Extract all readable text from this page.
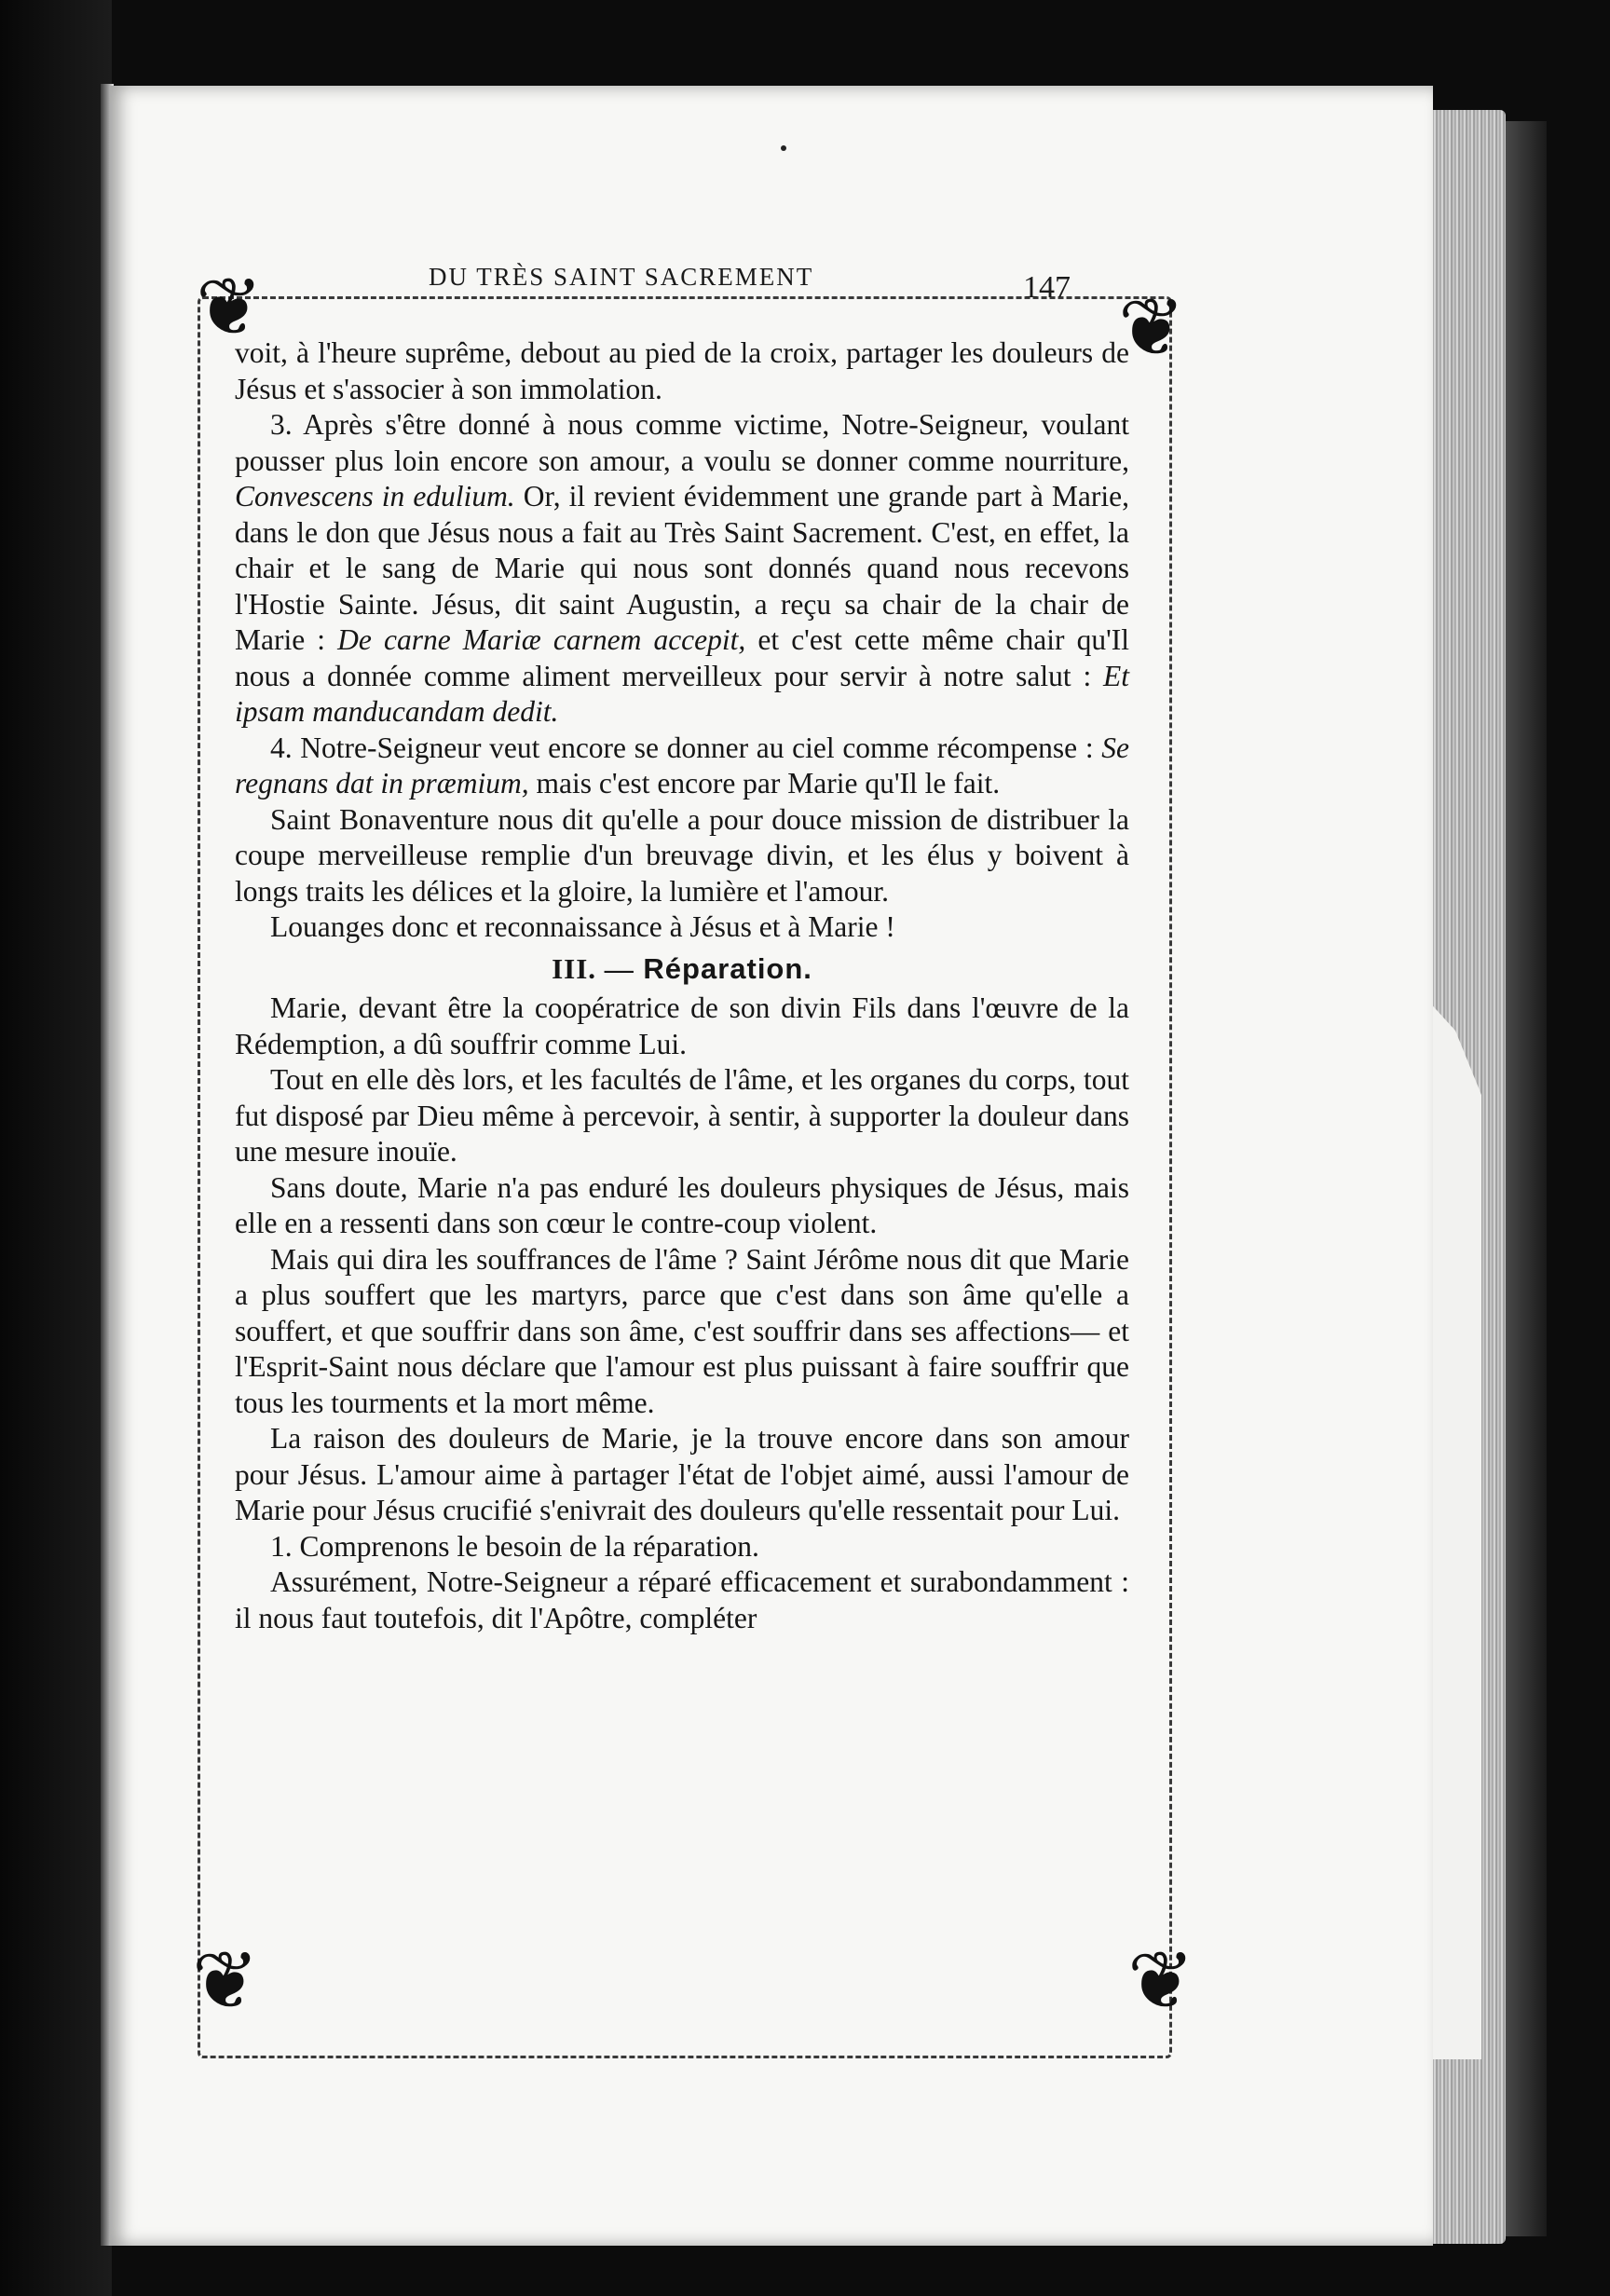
❦	❦
❦	❦
DU TRÈS SAINT SACREMENT	147

voit, à l'heure suprême, debout au pied de la croix, partager les douleurs de Jésus et s'associer à son immolation.

3. Après s'être donné à nous comme victime, Notre-Seigneur, voulant pousser plus loin encore son amour, a voulu se donner comme nourriture, Convescens in edulium. Or, il revient évidemment une grande part à Marie, dans le don que Jésus nous a fait au Très Saint Sacrement. C'est, en effet, la chair et le sang de Marie qui nous sont donnés quand nous recevons l'Hostie Sainte. Jésus, dit saint Augustin, a reçu sa chair de la chair de Marie : De carne Mariæ carnem accepit, et c'est cette même chair qu'Il nous a donnée comme aliment merveilleux pour servir à notre salut : Et ipsam manducandam dedit.

4. Notre-Seigneur veut encore se donner au ciel comme récompense : Se regnans dat in præmium, mais c'est encore par Marie qu'Il le fait.

Saint Bonaventure nous dit qu'elle a pour douce mission de distribuer la coupe merveilleuse remplie d'un breuvage divin, et les élus y boivent à longs traits les délices et la gloire, la lumière et l'amour.

Louanges donc et reconnaissance à Jésus et à Marie !

III. — Réparation.

Marie, devant être la coopératrice de son divin Fils dans l'œuvre de la Rédemption, a dû souffrir comme Lui.

Tout en elle dès lors, et les facultés de l'âme, et les organes du corps, tout fut disposé par Dieu même à percevoir, à sentir, à supporter la douleur dans une mesure inouïe.

Sans doute, Marie n'a pas enduré les douleurs physiques de Jésus, mais elle en a ressenti dans son cœur le contre-coup violent.

Mais qui dira les souffrances de l'âme ? Saint Jérôme nous dit que Marie a plus souffert que les martyrs, parce que c'est dans son âme qu'elle a souffert, et que souffrir dans son âme, c'est souffrir dans ses affections— et l'Esprit-Saint nous déclare que l'amour est plus puissant à faire souffrir que tous les tourments et la mort même.

La raison des douleurs de Marie, je la trouve encore dans son amour pour Jésus. L'amour aime à partager l'état de l'objet aimé, aussi l'amour de Marie pour Jésus crucifié s'enivrait des douleurs qu'elle ressentait pour Lui.

1. Comprenons le besoin de la réparation.

Assurément, Notre-Seigneur a réparé efficacement et surabondamment : il nous faut toutefois, dit l'Apôtre, compléter
